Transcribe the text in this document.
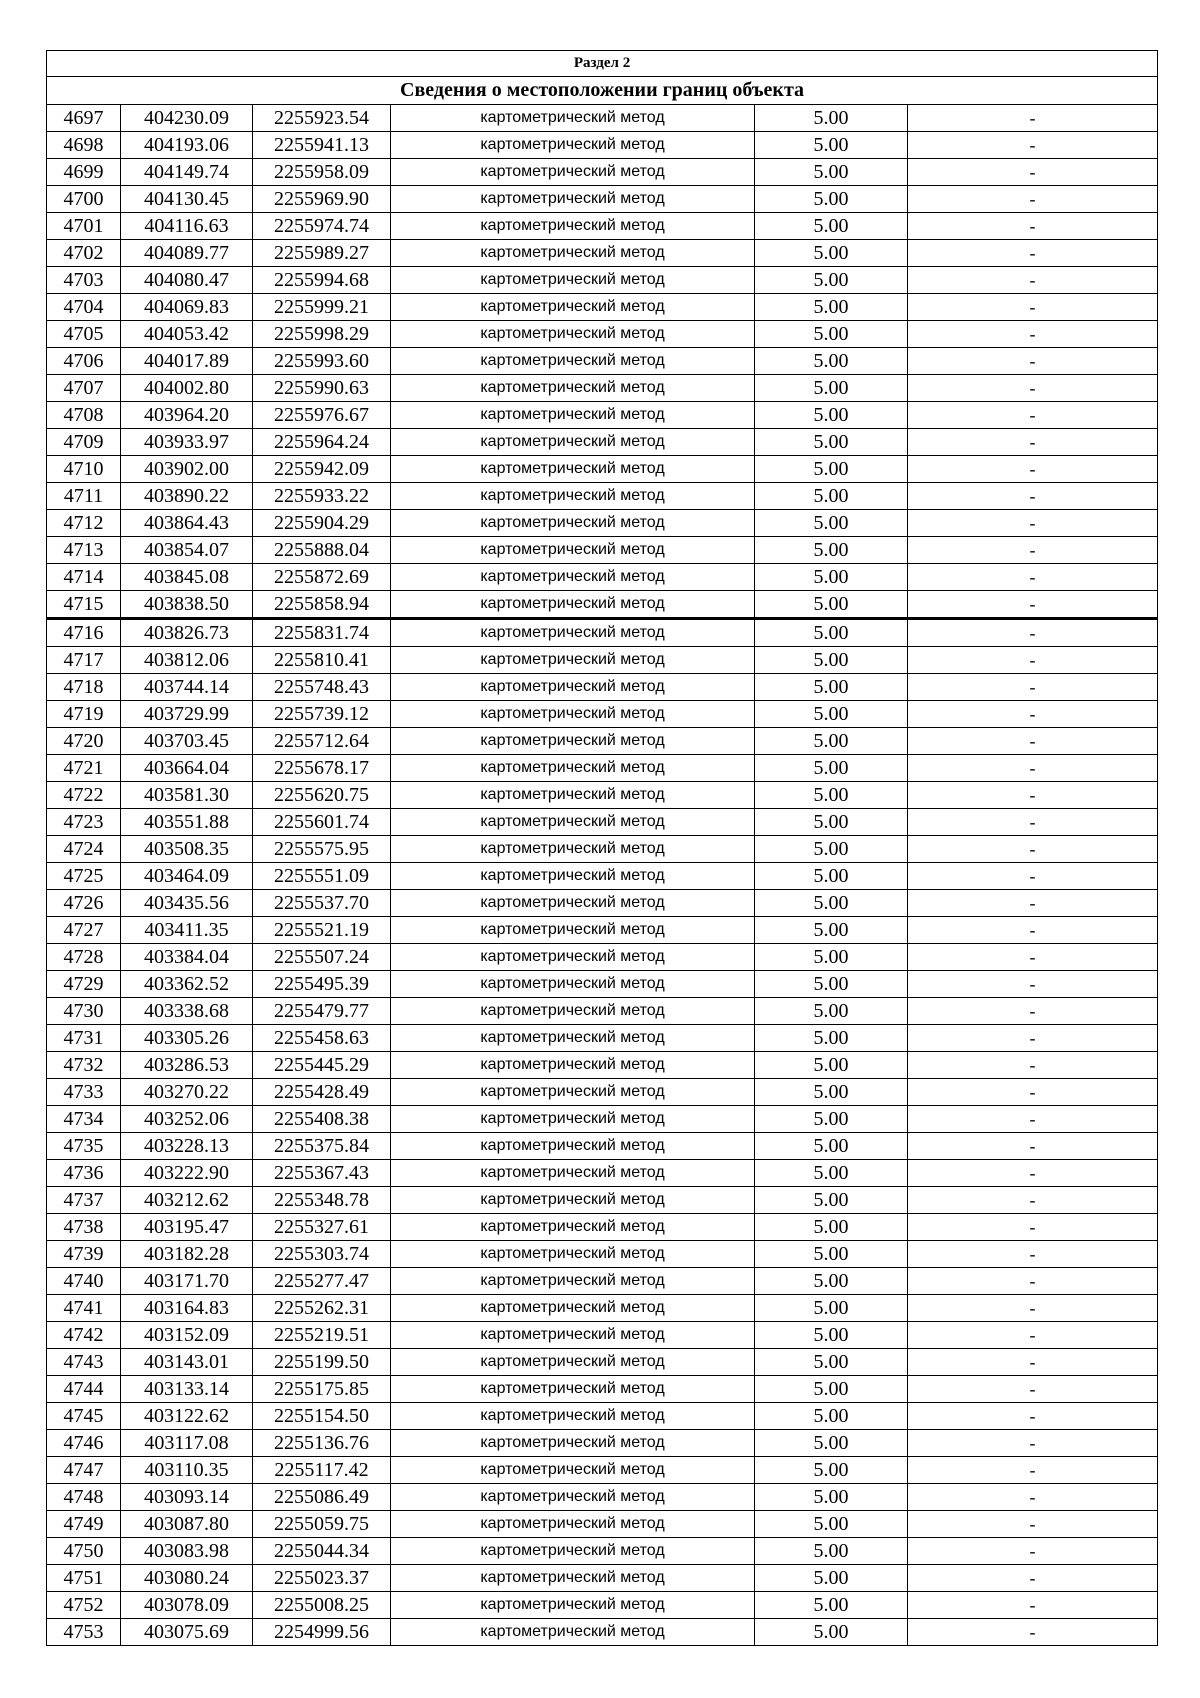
Раздел 2					
Сведения о местоположении границ объекта					
4697	404230.09	2255923.54	картометрический метод	5.00	-
4698	404193.06	2255941.13	картометрический метод	5.00	-
4699	404149.74	2255958.09	картометрический метод	5.00	-
4700	404130.45	2255969.90	картометрический метод	5.00	-
4701	404116.63	2255974.74	картометрический метод	5.00	-
4702	404089.77	2255989.27	картометрический метод	5.00	-
4703	404080.47	2255994.68	картометрический метод	5.00	-
4704	404069.83	2255999.21	картометрический метод	5.00	-
4705	404053.42	2255998.29	картометрический метод	5.00	-
4706	404017.89	2255993.60	картометрический метод	5.00	-
4707	404002.80	2255990.63	картометрический метод	5.00	-
4708	403964.20	2255976.67	картометрический метод	5.00	-
4709	403933.97	2255964.24	картометрический метод	5.00	-
4710	403902.00	2255942.09	картометрический метод	5.00	-
4711	403890.22	2255933.22	картометрический метод	5.00	-
4712	403864.43	2255904.29	картометрический метод	5.00	-
4713	403854.07	2255888.04	картометрический метод	5.00	-
4714	403845.08	2255872.69	картометрический метод	5.00	-
4715	403838.50	2255858.94	картометрический метод	5.00	-
4716	403826.73	2255831.74	картометрический метод	5.00	-
4717	403812.06	2255810.41	картометрический метод	5.00	-
4718	403744.14	2255748.43	картометрический метод	5.00	-
4719	403729.99	2255739.12	картометрический метод	5.00	-
4720	403703.45	2255712.64	картометрический метод	5.00	-
4721	403664.04	2255678.17	картометрический метод	5.00	-
4722	403581.30	2255620.75	картометрический метод	5.00	-
4723	403551.88	2255601.74	картометрический метод	5.00	-
4724	403508.35	2255575.95	картометрический метод	5.00	-
4725	403464.09	2255551.09	картометрический метод	5.00	-
4726	403435.56	2255537.70	картометрический метод	5.00	-
4727	403411.35	2255521.19	картометрический метод	5.00	-
4728	403384.04	2255507.24	картометрический метод	5.00	-
4729	403362.52	2255495.39	картометрический метод	5.00	-
4730	403338.68	2255479.77	картометрический метод	5.00	-
4731	403305.26	2255458.63	картометрический метод	5.00	-
4732	403286.53	2255445.29	картометрический метод	5.00	-
4733	403270.22	2255428.49	картометрический метод	5.00	-
4734	403252.06	2255408.38	картометрический метод	5.00	-
4735	403228.13	2255375.84	картометрический метод	5.00	-
4736	403222.90	2255367.43	картометрический метод	5.00	-
4737	403212.62	2255348.78	картометрический метод	5.00	-
4738	403195.47	2255327.61	картометрический метод	5.00	-
4739	403182.28	2255303.74	картометрический метод	5.00	-
4740	403171.70	2255277.47	картометрический метод	5.00	-
4741	403164.83	2255262.31	картометрический метод	5.00	-
4742	403152.09	2255219.51	картометрический метод	5.00	-
4743	403143.01	2255199.50	картометрический метод	5.00	-
4744	403133.14	2255175.85	картометрический метод	5.00	-
4745	403122.62	2255154.50	картометрический метод	5.00	-
4746	403117.08	2255136.76	картометрический метод	5.00	-
4747	403110.35	2255117.42	картометрический метод	5.00	-
4748	403093.14	2255086.49	картометрический метод	5.00	-
4749	403087.80	2255059.75	картометрический метод	5.00	-
4750	403083.98	2255044.34	картометрический метод	5.00	-
4751	403080.24	2255023.37	картометрический метод	5.00	-
4752	403078.09	2255008.25	картометрический метод	5.00	-
4753	403075.69	2254999.56	картометрический метод	5.00	-
